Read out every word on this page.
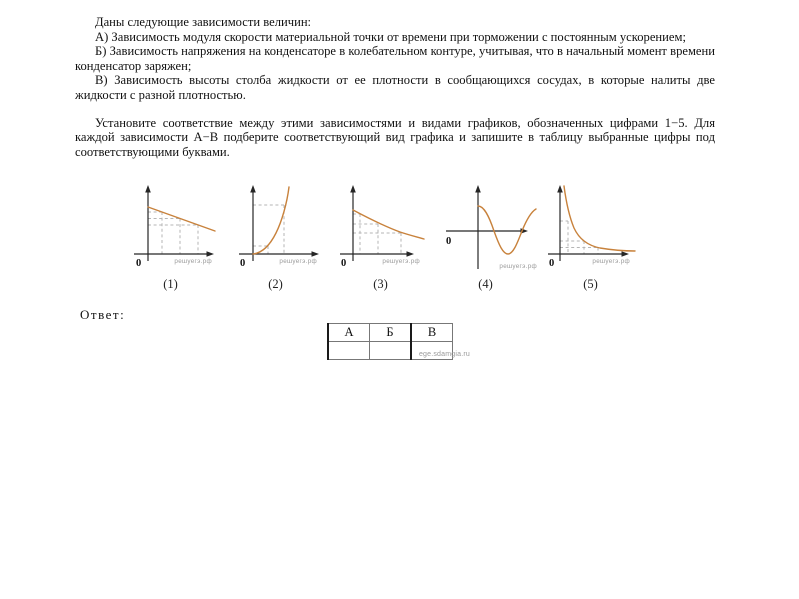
Даны следующие зависимости величин:

А) Зависимость модуля скорости материальной точки от времени при торможении с постоянным ускорением;

Б) Зависимость напряжения на конденсаторе в колебательном контуре, учитывая, что в начальный момент времени конденсатор заряжен;

В) Зависимость высоты столба жидкости от ее плотности в сообщающихся сосудах, в которые налиты две жидкости с разной плотностью.

Установите соответствие между этими зависимостями и видами графиков, обозначенных цифрами 1−5. Для каждой зависимости А−В подберите соответствующий вид графика и запишите в таблицу выбранные цифры под соответствующими буквами.

0	решуегэ.рф
(1)
0	решуегэ.рф
(2)
0	решуегэ.рф
(3)
0
решуегэ.рф
(4)
0	решуегэ.рф
(5)
Ответ:
А	Б	В

ege.sdamgia.ru
